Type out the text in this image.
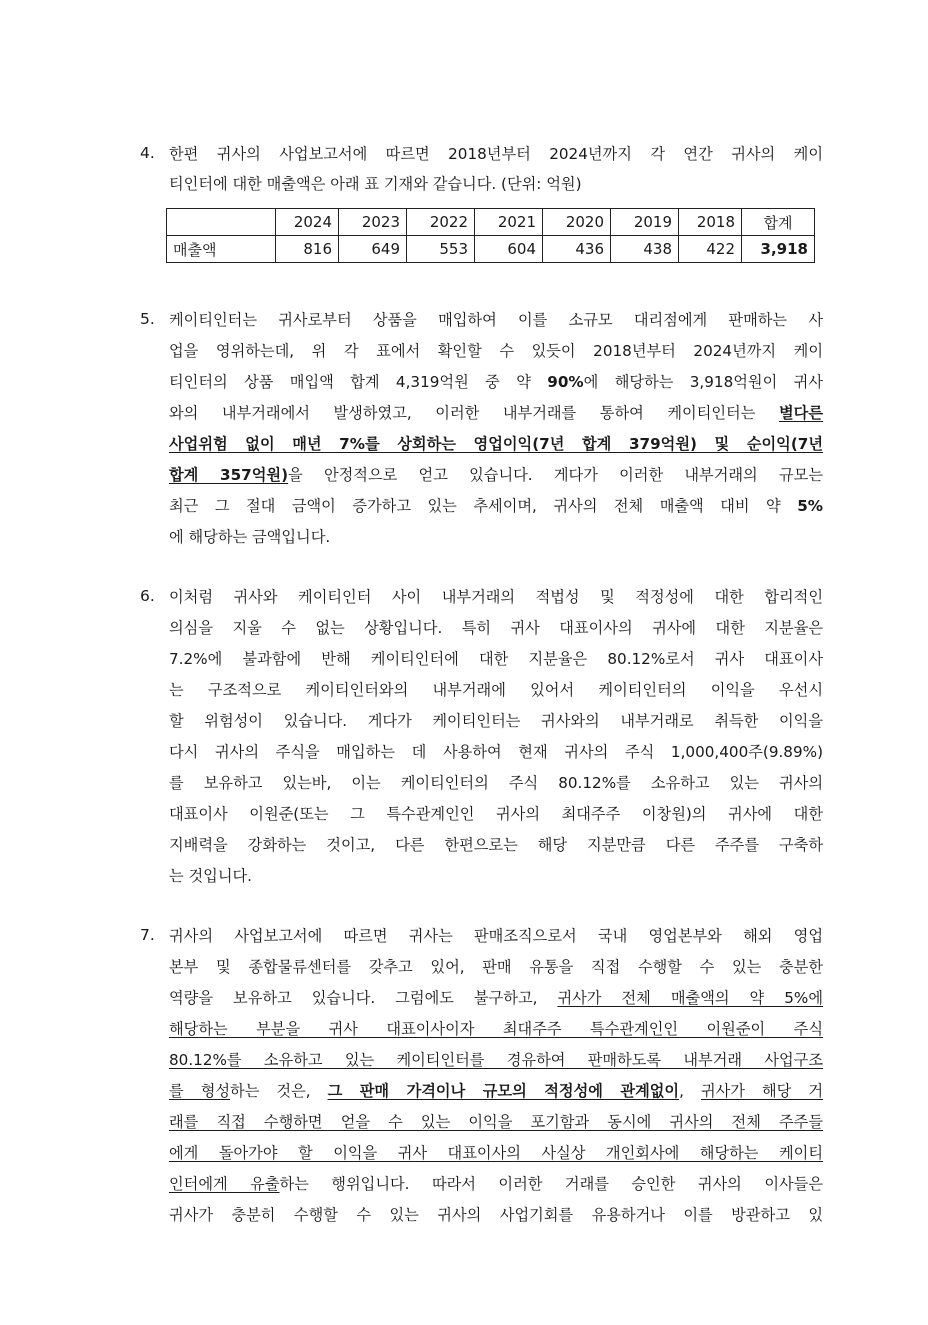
4. 한편 귀사의 사업보고서에 따르면 2018년부터 2024년까지 각 연간 귀사의 케이
티인터에 대한 매출액은 아래 표 기재와 같습니다. (단위: 억원)
	2024	2023	2022	2021	2020	2019	2018	합계
매출액	816	649	553	604	436	438	422	3,918
5. 케이티인터는 귀사로부터 상품을 매입하여 이를 소규모 대리점에게 판매하는 사
업을 영위하는데, 위 각 표에서 확인할 수 있듯이 2018년부터 2024년까지 케이
티인터의 상품 매입액 합계 4,319억원 중 약 90%에 해당하는 3,918억원이 귀사
와의 내부거래에서 발생하였고, 이러한 내부거래를 통하여 케이티인터는 별다른
사업위험 없이 매년 7%를 상회하는 영업이익(7년 합계 379억원) 및 순이익(7년
합계 357억원)을 안정적으로 얻고 있습니다. 게다가 이러한 내부거래의 규모는
최근 그 절대 금액이 증가하고 있는 추세이며, 귀사의 전체 매출액 대비 약 5%
에 해당하는 금액입니다.
6. 이처럼 귀사와 케이티인터 사이 내부거래의 적법성 및 적정성에 대한 합리적인
의심을 지울 수 없는 상황입니다. 특히 귀사 대표이사의 귀사에 대한 지분율은
7.2%에 불과함에 반해 케이티인터에 대한 지분율은 80.12%로서 귀사 대표이사
는 구조적으로 케이티인터와의 내부거래에 있어서 케이티인터의 이익을 우선시
할 위험성이 있습니다. 게다가 케이티인터는 귀사와의 내부거래로 취득한 이익을
다시 귀사의 주식을 매입하는 데 사용하여 현재 귀사의 주식 1,000,400주(9.89%)
를 보유하고 있는바, 이는 케이티인터의 주식 80.12%를 소유하고 있는 귀사의
대표이사 이원준(또는 그 특수관계인인 귀사의 최대주주 이창원)의 귀사에 대한
지배력을 강화하는 것이고, 다른 한편으로는 해당 지분만큼 다른 주주를 구축하
는 것입니다.
7. 귀사의 사업보고서에 따르면 귀사는 판매조직으로서 국내 영업본부와 해외 영업
본부 및 종합물류센터를 갖추고 있어, 판매 유통을 직접 수행할 수 있는 충분한
역량을 보유하고 있습니다. 그럼에도 불구하고, 귀사가 전체 매출액의 약 5%에
해당하는 부분을 귀사 대표이사이자 최대주주 특수관계인인 이원준이 주식
80.12%를 소유하고 있는 케이티인터를 경유하여 판매하도록 내부거래 사업구조
를 형성하는 것은, 그 판매 가격이나 규모의 적정성에 관계없이, 귀사가 해당 거
래를 직접 수행하면 얻을 수 있는 이익을 포기함과 동시에 귀사의 전체 주주들
에게 돌아가야 할 이익을 귀사 대표이사의 사실상 개인회사에 해당하는 케이티
인터에게 유출하는 행위입니다. 따라서 이러한 거래를 승인한 귀사의 이사들은
귀사가 충분히 수행할 수 있는 귀사의 사업기회를 유용하거나 이를 방관하고 있
